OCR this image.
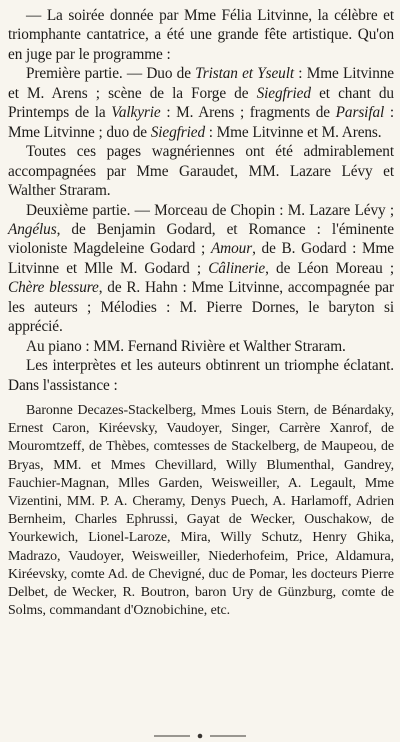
— La soirée donnée par Mme Félia Litvinne, la célèbre et triomphante cantatrice, a été une grande fête artistique. Qu'on en juge par le programme :

Première partie. — Duo de Tristan et Yseult : Mme Litvinne et M. Arens ; scène de la Forge de Siegfried et chant du Printemps de la Valkyrie : M. Arens ; fragments de Parsifal : Mme Litvinne ; duo de Siegfried : Mme Litvinne et M. Arens.

Toutes ces pages wagnériennes ont été admirablement accompagnées par Mme Garaudet, MM. Lazare Lévy et Walther Straram.

Deuxième partie. — Morceau de Chopin : M. Lazare Lévy ; Angélus, de Benjamin Godard, et Romance : l'éminente violoniste Magdeleine Godard ; Amour, de B. Godard : Mme Litvinne et Mlle M. Godard ; Câlinerie, de Léon Moreau ; Chère blessure, de R. Hahn : Mme Litvinne, accompagnée par les auteurs ; Mélodies : M. Pierre Dornes, le baryton si apprécié.

Au piano : MM. Fernand Rivière et Walther Straram.

Les interprètes et les auteurs obtinrent un triomphe éclatant. Dans l'assistance :

Baronne Decazes-Stackelberg, Mmes Louis Stern, de Bénardaky, Ernest Caron, Kiréevsky, Vaudoyer, Singer, Carrère Xanrof, de Mouromtzeff, de Thèbes, comtesses de Stackelberg, de Maupeou, de Bryas, MM. et Mmes Chevillard, Willy Blumenthal, Gandrey, Fauchier-Magnan, Mlles Garden, Weisweiller, A. Legault, Mme Vizentini, MM. P. A. Cheramy, Denys Puech, A. Harlamoff, Adrien Bernheim, Charles Ephrussi, Gayat de Wecker, Ouschakow, de Yourkewich, Lionel-Laroze, Mira, Willy Schutz, Henry Ghika, Madrazo, Vaudoyer, Weisweiller, Niederhofeim, Price, Aldamura, Kiréevsky, comte Ad. de Chevigné, duc de Pomar, les docteurs Pierre Delbet, de Wecker, R. Boutron, baron Ury de Günzburg, comte de Solms, commandant d'Oznobichine, etc.
